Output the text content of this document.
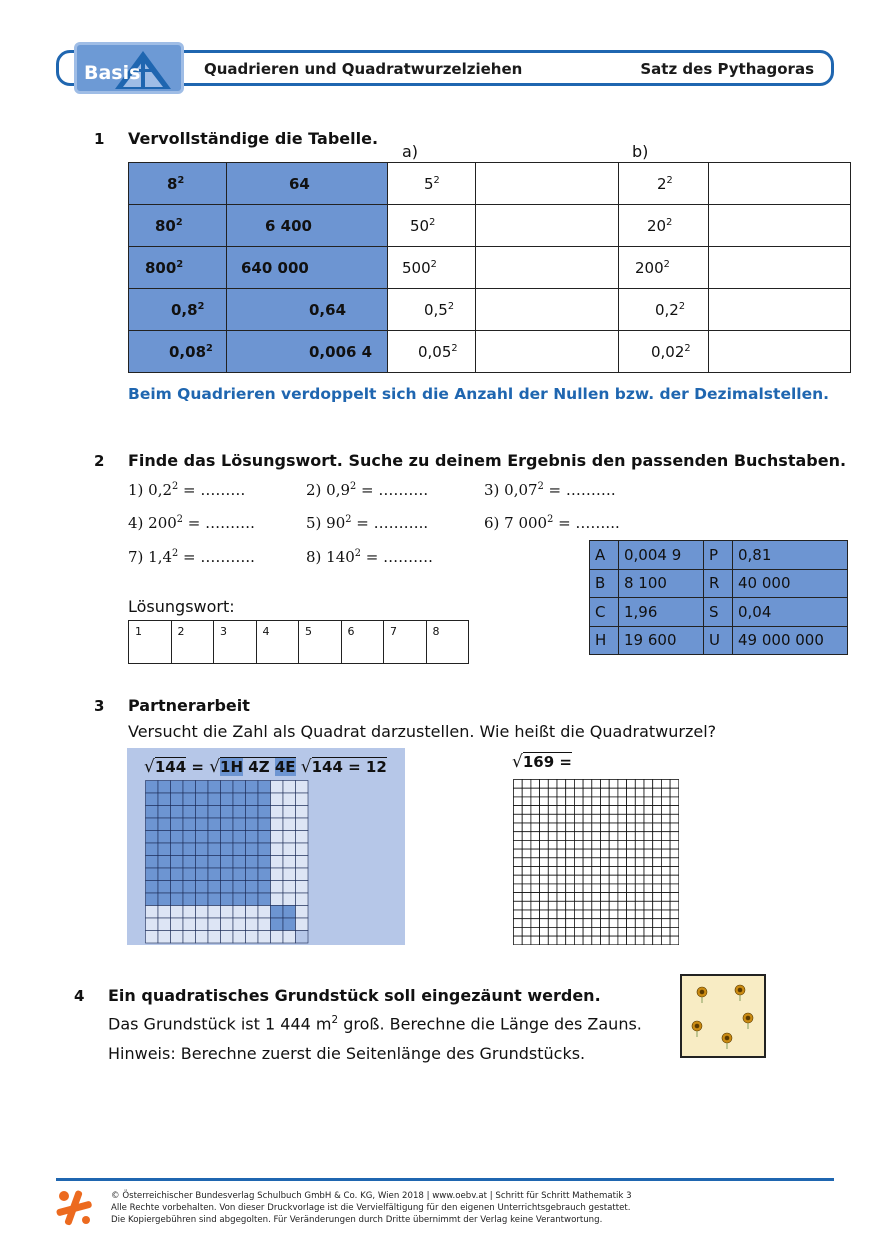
Basis	Quadrieren und Quadratwurzelziehen	Satz des Pythagoras
1 Vervollständige die Tabelle.
a)	b)
$8^2$	64	$5^2$		$2^2$

$80^2$	6 400	$50^2$		$20^2$

$800^2$	640 000	$500^2$		$200^2$

$0,8^2$	0,64	$0,5^2$		$0,2^2$

0,08$^2$	0,006 4	0,05$^2$		0,02$^2$

Beim Quadrieren verdoppelt sich die Anzahl der Nullen bzw. der Dezimalstellen.
2 Finde das Lösungswort. Suche zu deinem Ergebnis den passenden Buchstaben.
1) $0,2^2$ = ………	2) $0,9^2$ = ……….	3) $0,07^2$ = ……….
4) $200^2$ = ……….	5) $90^2$ = ………..	6) 7 $000^2$ = ……...
7) $1,4^2$ = ………..	8) $140^2$ = ……….	A	0,004 9	P	0,81
B	8 100	R	40 000
C	1,96	S	0,04
H	19 600	U	49 000 000
Lösungswort:
1	2	3	4	5	6	7	8
3 Partnerarbeit
Versucht die Zahl als Quadrat darzustellen. Wie heißt die Quadratwurzel?
√144 = √1H 4Z 4E √144 = 12	√169 =
4 Ein quadratisches Grundstück soll eingezäunt werden.
Das Grundstück ist 1 444 $m^2$ groß. Berechne die Länge des Zauns.
Hinweis: Berechne zuerst die Seitenlänge des Grundstücks.
© Österreichischer Bundesverlag Schulbuch GmbH & Co. KG, Wien 2018 | www.oebv.at | Schritt für Schritt Mathematik 3
Alle Rechte vorbehalten. Von dieser Druckvorlage ist die Vervielfältigung für den eigenen Unterrichtsgebrauch gestattet.
Die Kopiergebühren sind abgegolten. Für Veränderungen durch Dritte übernimmt der Verlag keine Verantwortung.
